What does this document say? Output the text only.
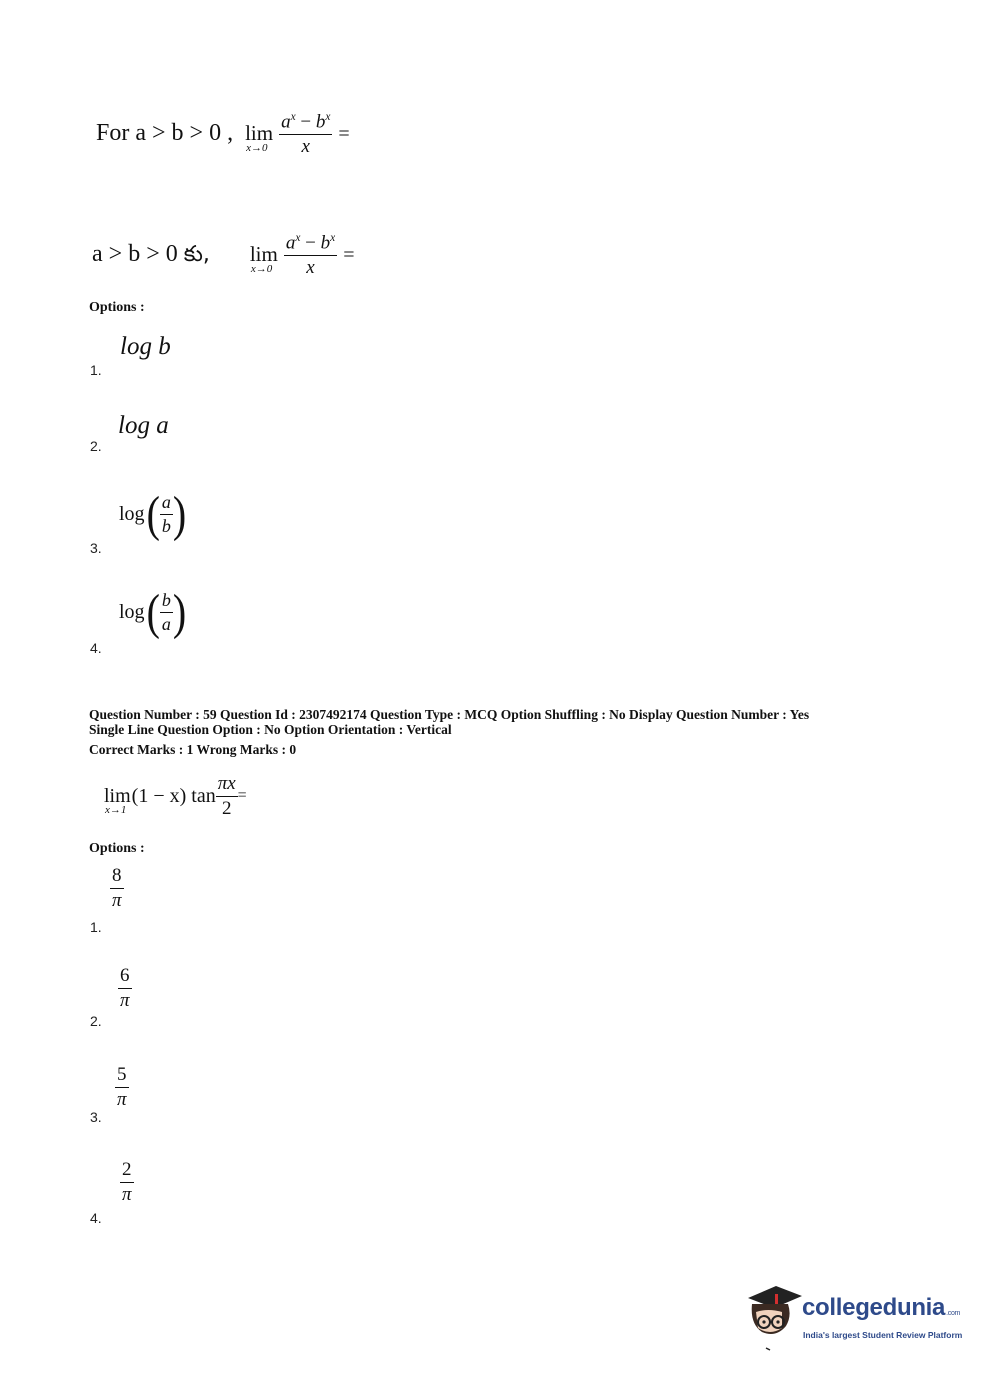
For a > b > 0 , lim
x→0
$\frac{a^x - b^x}{x}$ =
a > b > 0 కు, lim
x→0
$\frac{a^x - b^x}{x}$ =
Options :
log b
1.
log a
2.
log ( $\frac{a}{b}$ )
3.
log ( $\frac{b}{a}$ )
4.
Question Number : 59 Question Id : 2307492174 Question Type : MCQ Option Shuffling : No Display Question Number : Yes
Single Line Question Option : No Option Orientation : Vertical
Correct Marks : 1 Wrong Marks : 0
lim
x→1
(1 − x) $\tan \frac{\pi x}{2}$ =
Options :
$\frac{8}{\pi}$
1.
$\frac{6}{\pi}$
2.
$\frac{5}{\pi}$
3.
$\frac{2}{\pi}$
4.
collegedunia.com
India's largest Student Review Platform
